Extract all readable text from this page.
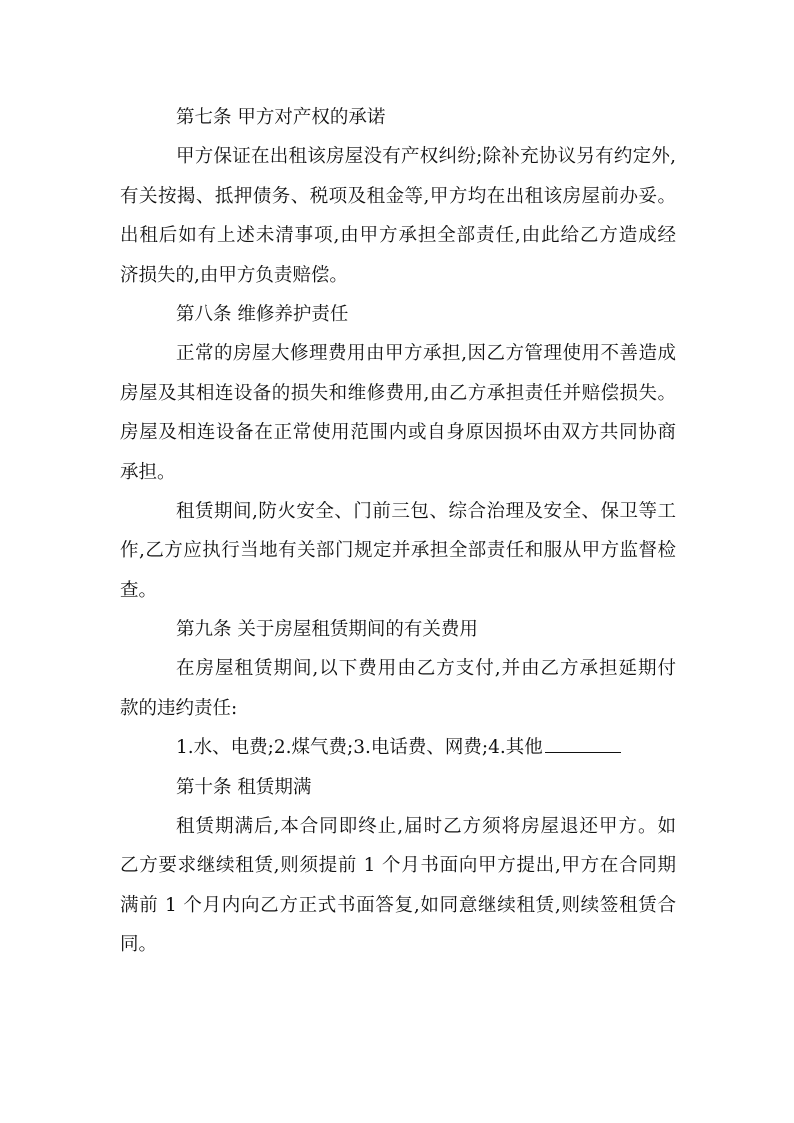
第七条 甲方对产权的承诺
甲方保证在出租该房屋没有产权纠纷;除补充协议另有约定外,
有关按揭、抵押债务、税项及租金等,甲方均在出租该房屋前办妥。
出租后如有上述未清事项,由甲方承担全部责任,由此给乙方造成经
济损失的,由甲方负责赔偿。
第八条 维修养护责任
正常的房屋大修理费用由甲方承担,因乙方管理使用不善造成
房屋及其相连设备的损失和维修费用,由乙方承担责任并赔偿损失。
房屋及相连设备在正常使用范围内或自身原因损坏由双方共同协商
承担。
租赁期间,防火安全、门前三包、综合治理及安全、保卫等工
作,乙方应执行当地有关部门规定并承担全部责任和服从甲方监督检
查。
第九条 关于房屋租赁期间的有关费用
在房屋租赁期间,以下费用由乙方支付,并由乙方承担延期付
款的违约责任:
1.水、电费;2.煤气费;3.电话费、网费;4.其他
第十条 租赁期满
租赁期满后,本合同即终止,届时乙方须将房屋退还甲方。如
乙方要求继续租赁,则须提前 1 个月书面向甲方提出,甲方在合同期
满前 1 个月内向乙方正式书面答复,如同意继续租赁,则续签租赁合
同。
